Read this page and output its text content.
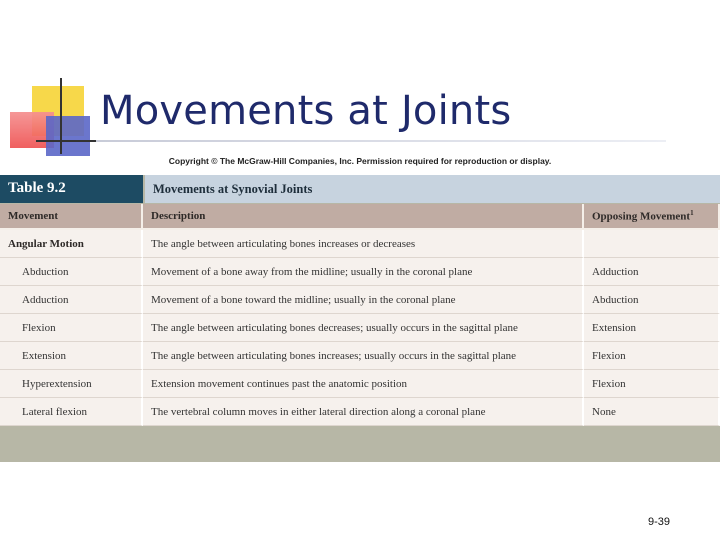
Movements at Joints
Copyright © The McGraw-Hill Companies, Inc. Permission required for reproduction or display.
Table 9.2	Movements at Synovial Joints
Movement	Description	Opposing Movement$^1$
Angular Motion	The angle between articulating bones increases or decreases	
Abduction	Movement of a bone away from the midline; usually in the coronal plane	Adduction
Adduction	Movement of a bone toward the midline; usually in the coronal plane	Abduction
Flexion	The angle between articulating bones decreases; usually occurs in the sagittal plane	Extension
Extension	The angle between articulating bones increases; usually occurs in the sagittal plane	Flexion
Hyperextension	Extension movement continues past the anatomic position	Flexion
Lateral flexion	The vertebral column moves in either lateral direction along a coronal plane	None
9-39
